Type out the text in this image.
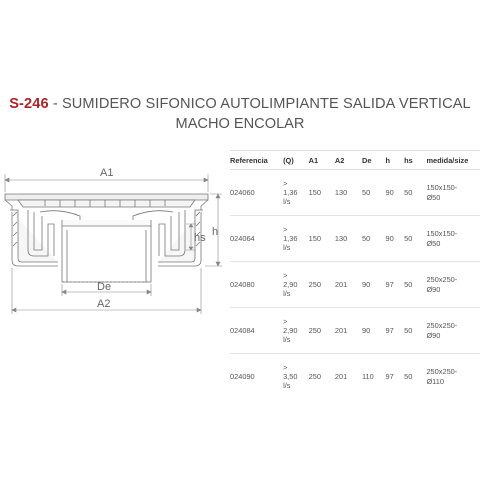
S-246 - SUMIDERO SIFONICO AUTOLIMPIANTE SALIDA VERTICAL
MACHO ENCOLAR
A1
De
A2
h
hs
Referencia	(Q)	A1	A2	De	h	hs	medida/size
024060	>
1,36
l/s	150	130	50	90	50	150x150-
Ø50

024064	>
1,36
l/s	150	130	50	90	50	150x150-
Ø50

024080	>
2,90
l/s	250	201	90	97	50	250x250-
Ø90

024084	>
2,90
l/s	250	201	90	97	50	250x250-
Ø90

024090	>
3,50
l/s	250	201	110	97	50	250x250-
Ø110
